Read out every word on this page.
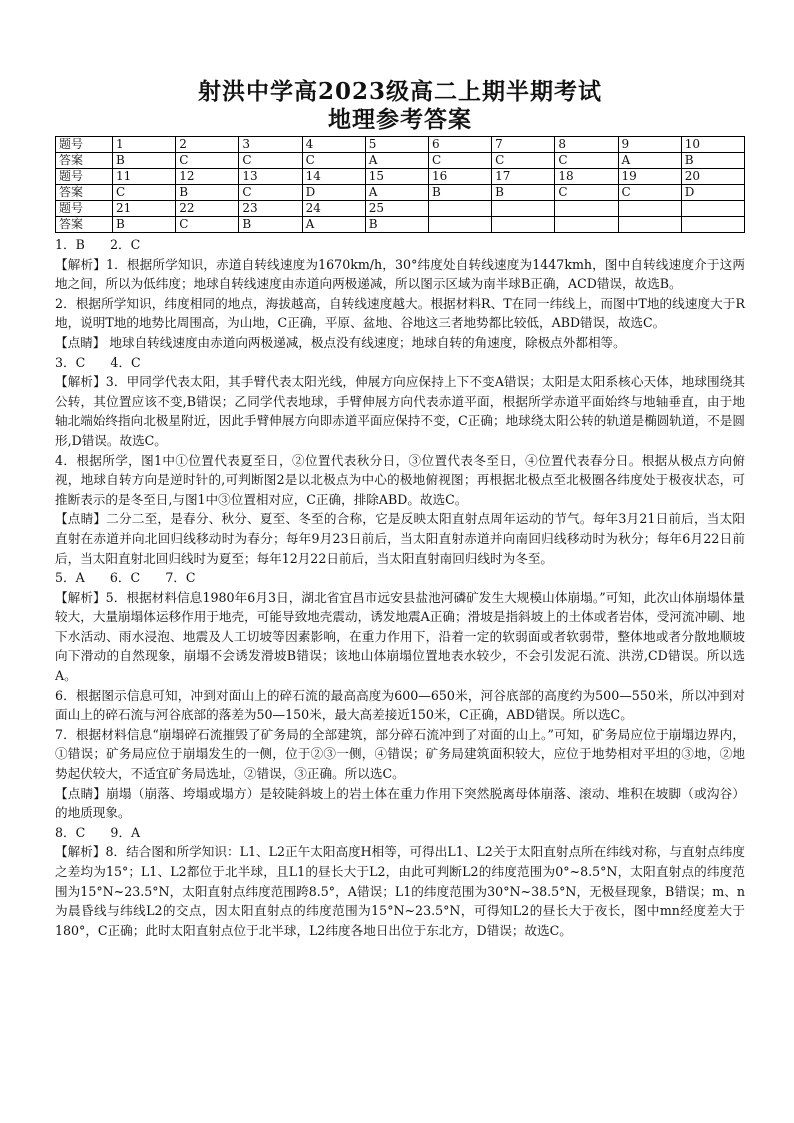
射洪中学高2023级高二上期半期考试
地理参考答案
题号	1	2	3	4	5	6	7	8	9	10
答案	B	C	C	C	A	C	C	C	A	B
题号	11	12	13	14	15	16	17	18	19	20
答案	C	B	C	D	A	B	B	C	C	D
题号	21	22	23	24	25					
答案	B	C	B	A	B					

1．B　　2．C

【解析】1．根据所学知识，赤道自转线速度为1670km/h，30°纬度处自转线速度为1447kmh，图中自转线速度介于这两地之间，所以为低纬度；地球自转线速度由赤道向两极递减，所以图示区域为南半球B正确，ACD错误，故选B。

2．根据所学知识，纬度相同的地点，海拔越高，自转线速度越大。根据材料R、T在同一纬线上，而图中T地的线速度大于R地，说明T地的地势比周围高，为山地，C正确，平原、盆地、谷地这三者地势都比较低，ABD错误，故选C。

【点睛】 地球自转线速度由赤道向两极递减，极点没有线速度；地球自转的角速度，除极点外都相等。

3．C　　4．C

【解析】3．甲同学代表太阳，其手臂代表太阳光线，伸展方向应保持上下不变A错误；太阳是太阳系核心天体，地球围绕其公转，其位置应该不变,B错误；乙同学代表地球，手臂伸展方向代表赤道平面，根据所学赤道平面始终与地轴垂直，由于地轴北端始终指向北极星附近，因此手臂伸展方向即赤道平面应保持不变，C正确；地球绕太阳公转的轨道是椭圆轨道，不是圆形,D错误。故选C。

4．根据所学，图1中①位置代表夏至日，②位置代表秋分日，③位置代表冬至日，④位置代表春分日。根据从极点方向俯视，地球自转方向是逆时针的,可判断图2是以北极点为中心的极地俯视图；再根据北极点至北极圈各纬度处于极夜状态，可推断表示的是冬至日,与图1中③位置相对应，C正确，排除ABD。故选C。

【点睛】二分二至，是春分、秋分、夏至、冬至的合称，它是反映太阳直射点周年运动的节气。每年3月21日前后，当太阳直射在赤道并向北回归线移动时为春分；每年9月23日前后，当太阳直射赤道并向南回归线移动时为秋分；每年6月22日前后，当太阳直射北回归线时为夏至；每年12月22日前后，当太阳直射南回归线时为冬至。

5．A　　6．C　　7．C

【解析】5．根据材料信息1980年6月3日，湖北省宜昌市远安县盐池河磷矿发生大规模山体崩塌。”可知，此次山体崩塌体量较大，大量崩塌体运移作用于地壳，可能导致地壳震动，诱发地震A正确；滑坡是指斜坡上的土体或者岩体，受河流冲刷、地下水活动、雨水浸泡、地震及人工切坡等因素影响，在重力作用下，沿着一定的软弱面或者软弱带，整体地或者分散地顺坡向下滑动的自然现象，崩塌不会诱发滑坡B错误；该地山体崩塌位置地表水较少，不会引发泥石流、洪涝,CD错误。所以选A。

6．根据图示信息可知，冲到对面山上的碎石流的最高高度为600—650米，河谷底部的高度约为500—550米，所以冲到对面山上的碎石流与河谷底部的落差为50—150米，最大高差接近150米，C正确，ABD错误。所以选C。

7．根据材料信息“崩塌碎石流摧毁了矿务局的全部建筑，部分碎石流冲到了对面的山上。”可知，矿务局应位于崩塌边界内，①错误；矿务局应位于崩塌发生的一侧，位于②③一侧，④错误；矿务局建筑面积较大，应位于地势相对平坦的③地，②地势起伏较大，不适宜矿务局选址，②错误，③正确。所以选C。

【点睛】崩塌（崩落、垮塌或塌方）是较陡斜坡上的岩土体在重力作用下突然脱离母体崩落、滚动、堆积在坡脚（或沟谷）的地质现象。

8．C　　9．A

【解析】8．结合图和所学知识：L1、L2正午太阳高度H相等，可得出L1、L2关于太阳直射点所在纬线对称，与直射点纬度之差均为15°；L1、L2都位于北半球，且L1的昼长大于L2，由此可判断L2的纬度范围为0°~8.5°N，太阳直射点的纬度范围为15°N~23.5°N，太阳直射点纬度范围跨8.5°，A错误；L1的纬度范围为30°N~38.5°N，无极昼现象，B错误；m、n为晨昏线与纬线L2的交点，因太阳直射点的纬度范围为15°N~23.5°N，可得知L2的昼长大于夜长，图中mn经度差大于180°，C正确；此时太阳直射点位于北半球，L2纬度各地日出位于东北方，D错误；故选C。
